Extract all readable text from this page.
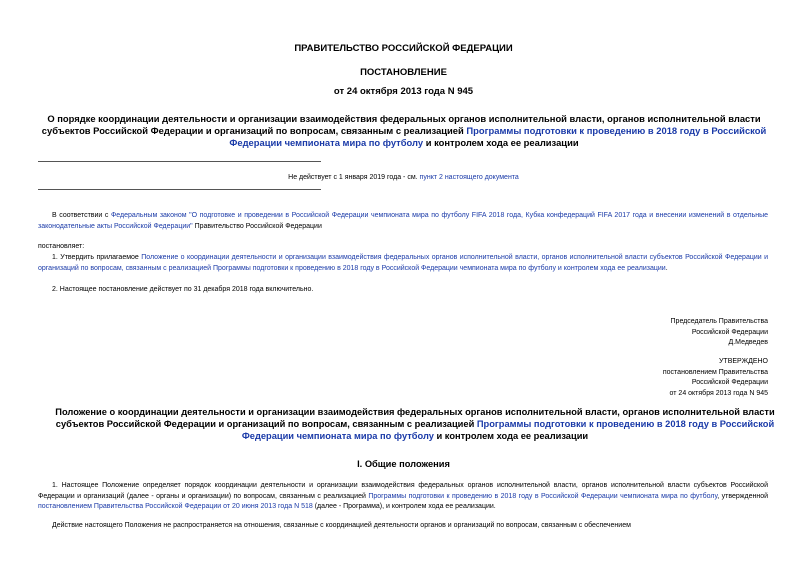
ПРАВИТЕЛЬСТВО РОССИЙСКОЙ ФЕДЕРАЦИИ
ПОСТАНОВЛЕНИЕ
от 24 октября 2013 года N 945
О порядке координации деятельности и организации взаимодействия федеральных органов исполнительной власти, органов исполнительной власти субъектов Российской Федерации и организаций по вопросам, связанным с реализацией Программы подготовки к проведению в 2018 году в Российской Федерации чемпионата мира по футболу и контролем хода ее реализации
Не действует с 1 января 2019 года - см. пункт 2 настоящего документа
В соответствии с Федеральным законом "О подготовке и проведении в Российской Федерации чемпионата мира по футболу FIFA 2018 года, Кубка конфедераций FIFA 2017 года и внесении изменений в отдельные законодательные акты Российской Федерации" Правительство Российской Федерации
постановляет:
1. Утвердить прилагаемое Положение о координации деятельности и организации взаимодействия федеральных органов исполнительной власти, органов исполнительной власти субъектов Российской Федерации и организаций по вопросам, связанным с реализацией Программы подготовки к проведению в 2018 году в Российской Федерации чемпионата мира по футболу и контролем хода ее реализации.
2. Настоящее постановление действует по 31 декабря 2018 года включительно.
Председатель Правительства
Российской Федерации
Д.Медведев
УТВЕРЖДЕНО
постановлением Правительства
Российской Федерации
от 24 октября 2013 года N 945
Положение о координации деятельности и организации взаимодействия федеральных органов исполнительной власти, органов исполнительной власти субъектов Российской Федерации и организаций по вопросам, связанным с реализацией Программы подготовки к проведению в 2018 году в Российской Федерации чемпионата мира по футболу и контролем хода ее реализации
I. Общие положения
1. Настоящее Положение определяет порядок координации деятельности и организации взаимодействия федеральных органов исполнительной власти, органов исполнительной власти субъектов Российской Федерации и организаций (далее - органы и организации) по вопросам, связанным с реализацией Программы подготовки к проведению в 2018 году в Российской Федерации чемпионата мира по футболу, утвержденной постановлением Правительства Российской Федерации от 20 июня 2013 года N 518 (далее - Программа), и контролем хода ее реализации.
Действие настоящего Положения не распространяется на отношения, связанные с координацией деятельности органов и организаций по вопросам, связанным с обеспечением
